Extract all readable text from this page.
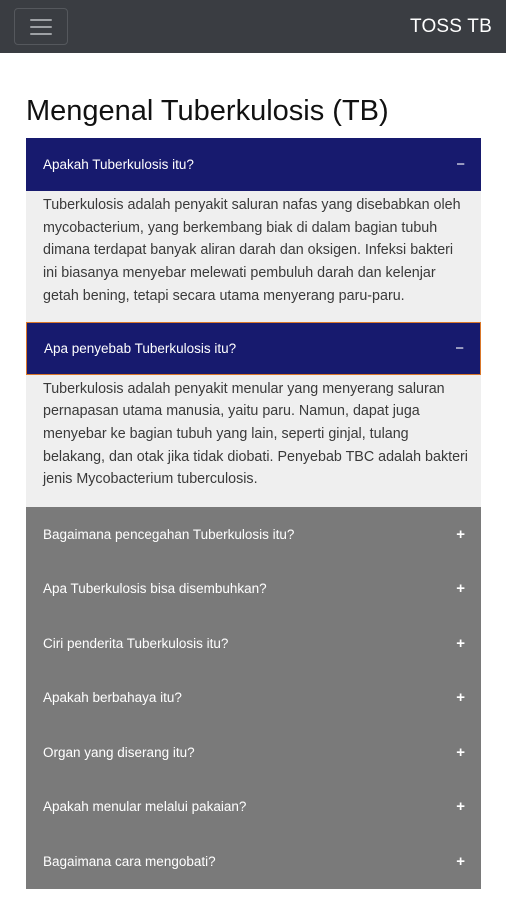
TOSS TB
Mengenal Tuberkulosis (TB)
Apakah Tuberkulosis itu?	−
Tuberkulosis adalah penyakit saluran nafas yang disebabkan oleh mycobacterium, yang berkembang biak di dalam bagian tubuh dimana terdapat banyak aliran darah dan oksigen. Infeksi bakteri ini biasanya menyebar melewati pembuluh darah dan kelenjar getah bening, tetapi secara utama menyerang paru-paru.
Apa penyebab Tuberkulosis itu?	−
Tuberkulosis adalah penyakit menular yang menyerang saluran pernapasan utama manusia, yaitu paru. Namun, dapat juga menyebar ke bagian tubuh yang lain, seperti ginjal, tulang belakang, dan otak jika tidak diobati. Penyebab TBC adalah bakteri jenis Mycobacterium tuberculosis.
Bagaimana pencegahan Tuberkulosis itu?	+
Apa Tuberkulosis bisa disembuhkan?	+
Ciri penderita Tuberkulosis itu?	+
Apakah berbahaya itu?	+
Organ yang diserang itu?	+
Apakah menular melalui pakaian?	+
Bagaimana cara mengobati?	+
